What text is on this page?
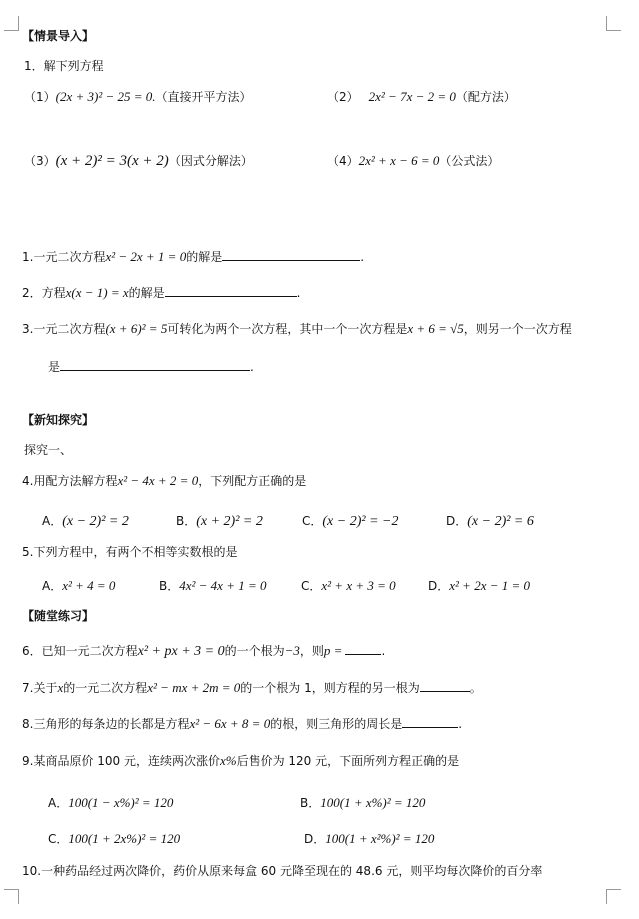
【情景导入】
1．解下列方程
（1）(2x + 3)² − 25 = 0.（直接开平方法）	（2） 2x² − 7x − 2 = 0（配方法）
（3）(x + 2)² = 3(x + 2)（因式分解法）	（4）2x² + x − 6 = 0（公式法）
1.一元二次方程x² − 2x + 1 = 0的解是	.
2．方程x(x − 1) = x的解是	.
3.一元二次方程(x + 6)² = 5可转化为两个一次方程，其中一个一次方程是x + 6 = √5，则另一个一次方程
是	.
【新知探究】
探究一、
4.用配方法解方程x² − 4x + 2 = 0，下列配方正确的是
A．(x − 2)² = 2	B．(x + 2)² = 2	C．(x − 2)² = −2	D．(x − 2)² = 6
5.下列方程中，有两个不相等实数根的是
A．x² + 4 = 0	B．4x² − 4x + 1 = 0	C．x² + x + 3 = 0	D．x² + 2x − 1 = 0
【随堂练习】
6．已知一元二次方程x² + px + 3 = 0的一个根为−3，则p =	.
7.关于x的一元二次方程x² − mx + 2m = 0的一个根为 1，则方程的另一根为	。
8.三角形的每条边的长都是方程x² − 6x + 8 = 0的根，则三角形的周长是	.
9.某商品原价 100 元，连续两次涨价x%后售价为 120 元，下面所列方程正确的是
A．100(1 − x%)² = 120	B．100(1 + x%)² = 120
C．100(1 + 2x%)² = 120	D．100(1 + x²%)² = 120
10.一种药品经过两次降价，药价从原来每盒 60 元降至现在的 48.6 元，则平均每次降价的百分率
